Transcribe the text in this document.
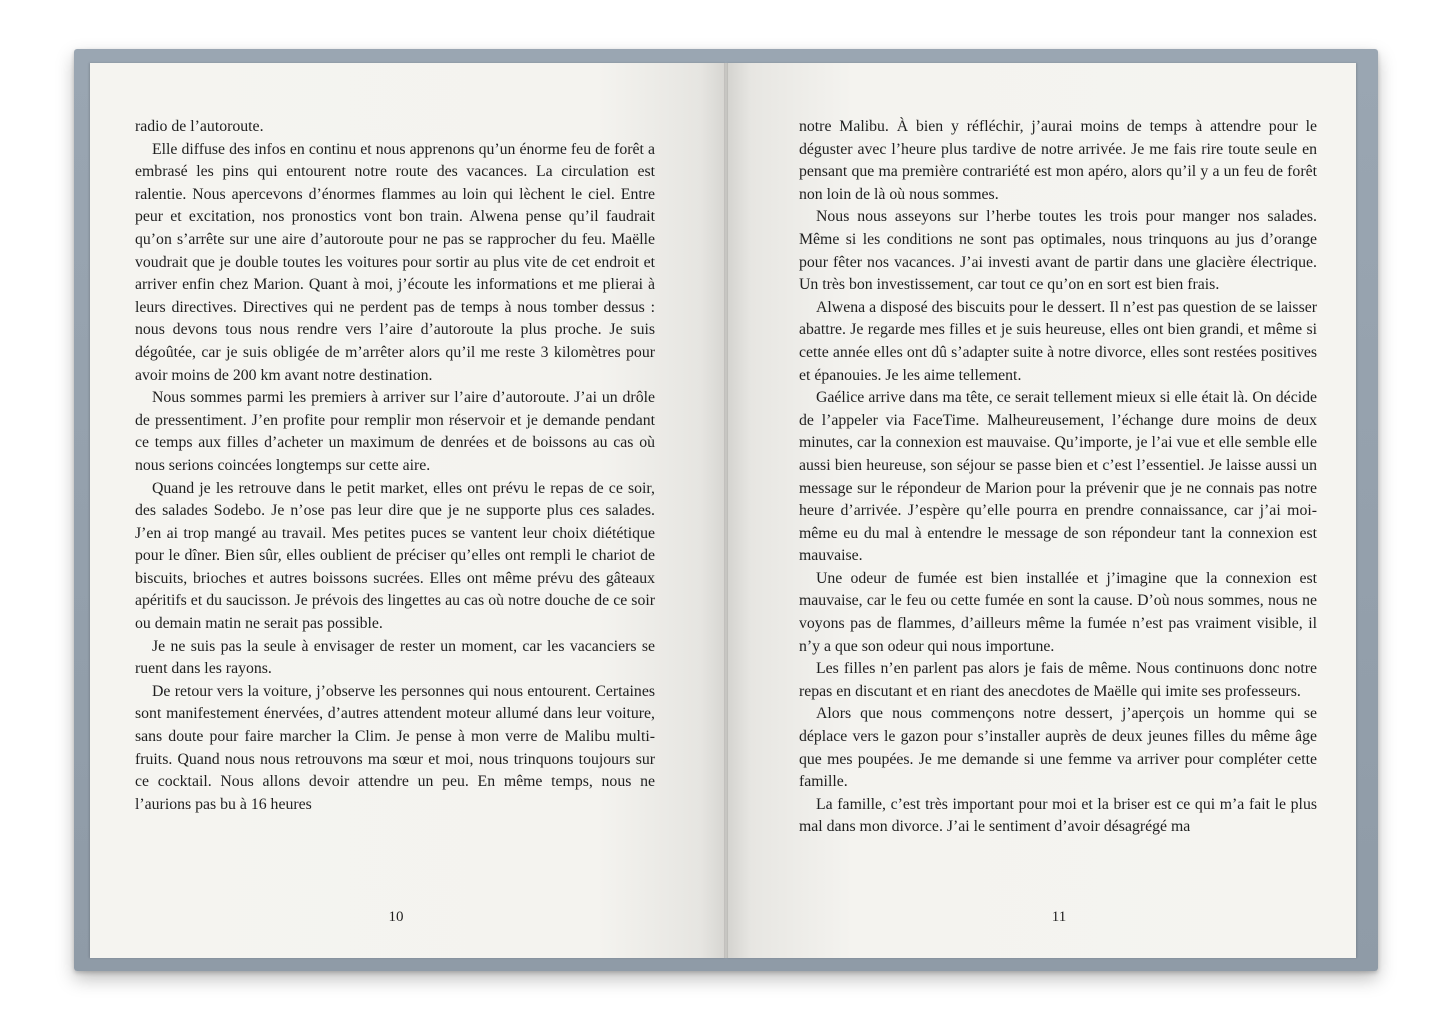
radio de l’autoroute.

Elle diffuse des infos en continu et nous apprenons qu’un énorme feu de forêt a embrasé les pins qui entourent notre route des vacances. La circulation est ralentie. Nous apercevons d’énormes flammes au loin qui lèchent le ciel. Entre peur et excitation, nos pronostics vont bon train. Alwena pense qu’il faudrait qu’on s’arrête sur une aire d’autoroute pour ne pas se rapprocher du feu. Maëlle voudrait que je double toutes les voitures pour sortir au plus vite de cet endroit et arriver enfin chez Marion. Quant à moi, j’écoute les informations et me plierai à leurs directives. Directives qui ne perdent pas de temps à nous tomber dessus : nous devons tous nous rendre vers l’aire d’autoroute la plus proche. Je suis dégoûtée, car je suis obligée de m’arrêter alors qu’il me reste 3 kilomètres pour avoir moins de 200 km avant notre destination.

Nous sommes parmi les premiers à arriver sur l’aire d’autoroute. J’ai un drôle de pressentiment. J’en profite pour remplir mon réservoir et je demande pendant ce temps aux filles d’acheter un maximum de denrées et de boissons au cas où nous serions coincées longtemps sur cette aire.

Quand je les retrouve dans le petit market, elles ont prévu le repas de ce soir, des salades Sodebo. Je n’ose pas leur dire que je ne supporte plus ces salades. J’en ai trop mangé au travail. Mes petites puces se vantent leur choix diététique pour le dîner. Bien sûr, elles oublient de préciser qu’elles ont rempli le chariot de biscuits, brioches et autres boissons sucrées. Elles ont même prévu des gâteaux apéritifs et du saucisson. Je prévois des lingettes au cas où notre douche de ce soir ou demain matin ne serait pas possible.

Je ne suis pas la seule à envisager de rester un moment, car les vacanciers se ruent dans les rayons.

De retour vers la voiture, j’observe les personnes qui nous entourent. Certaines sont manifestement énervées, d’autres attendent moteur allumé dans leur voiture, sans doute pour faire marcher la Clim. Je pense à mon verre de Malibu multi-fruits. Quand nous nous retrouvons ma sœur et moi, nous trinquons toujours sur ce cocktail. Nous allons devoir attendre un peu. En même temps, nous ne l’aurions pas bu à 16 heures

10

notre Malibu. À bien y réfléchir, j’aurai moins de temps à attendre pour le déguster avec l’heure plus tardive de notre arrivée. Je me fais rire toute seule en pensant que ma première contrariété est mon apéro, alors qu’il y a un feu de forêt non loin de là où nous sommes.

Nous nous asseyons sur l’herbe toutes les trois pour manger nos salades. Même si les conditions ne sont pas optimales, nous trinquons au jus d’orange pour fêter nos vacances. J’ai investi avant de partir dans une glacière électrique. Un très bon investissement, car tout ce qu’on en sort est bien frais.

Alwena a disposé des biscuits pour le dessert. Il n’est pas question de se laisser abattre. Je regarde mes filles et je suis heureuse, elles ont bien grandi, et même si cette année elles ont dû s’adapter suite à notre divorce, elles sont restées positives et épanouies. Je les aime tellement.

Gaélice arrive dans ma tête, ce serait tellement mieux si elle était là. On décide de l’appeler via FaceTime. Malheureusement, l’échange dure moins de deux minutes, car la connexion est mauvaise. Qu’importe, je l’ai vue et elle semble elle aussi bien heureuse, son séjour se passe bien et c’est l’essentiel. Je laisse aussi un message sur le répondeur de Marion pour la prévenir que je ne connais pas notre heure d’arrivée. J’espère qu’elle pourra en prendre connaissance, car j’ai moi-même eu du mal à entendre le message de son répondeur tant la connexion est mauvaise.

Une odeur de fumée est bien installée et j’imagine que la connexion est mauvaise, car le feu ou cette fumée en sont la cause. D’où nous sommes, nous ne voyons pas de flammes, d’ailleurs même la fumée n’est pas vraiment visible, il n’y a que son odeur qui nous importune.

Les filles n’en parlent pas alors je fais de même. Nous continuons donc notre repas en discutant et en riant des anecdotes de Maëlle qui imite ses professeurs.

Alors que nous commençons notre dessert, j’aperçois un homme qui se déplace vers le gazon pour s’installer auprès de deux jeunes filles du même âge que mes poupées. Je me demande si une femme va arriver pour compléter cette famille.

La famille, c’est très important pour moi et la briser est ce qui m’a fait le plus mal dans mon divorce. J’ai le sentiment d’avoir désagrégé ma

11
